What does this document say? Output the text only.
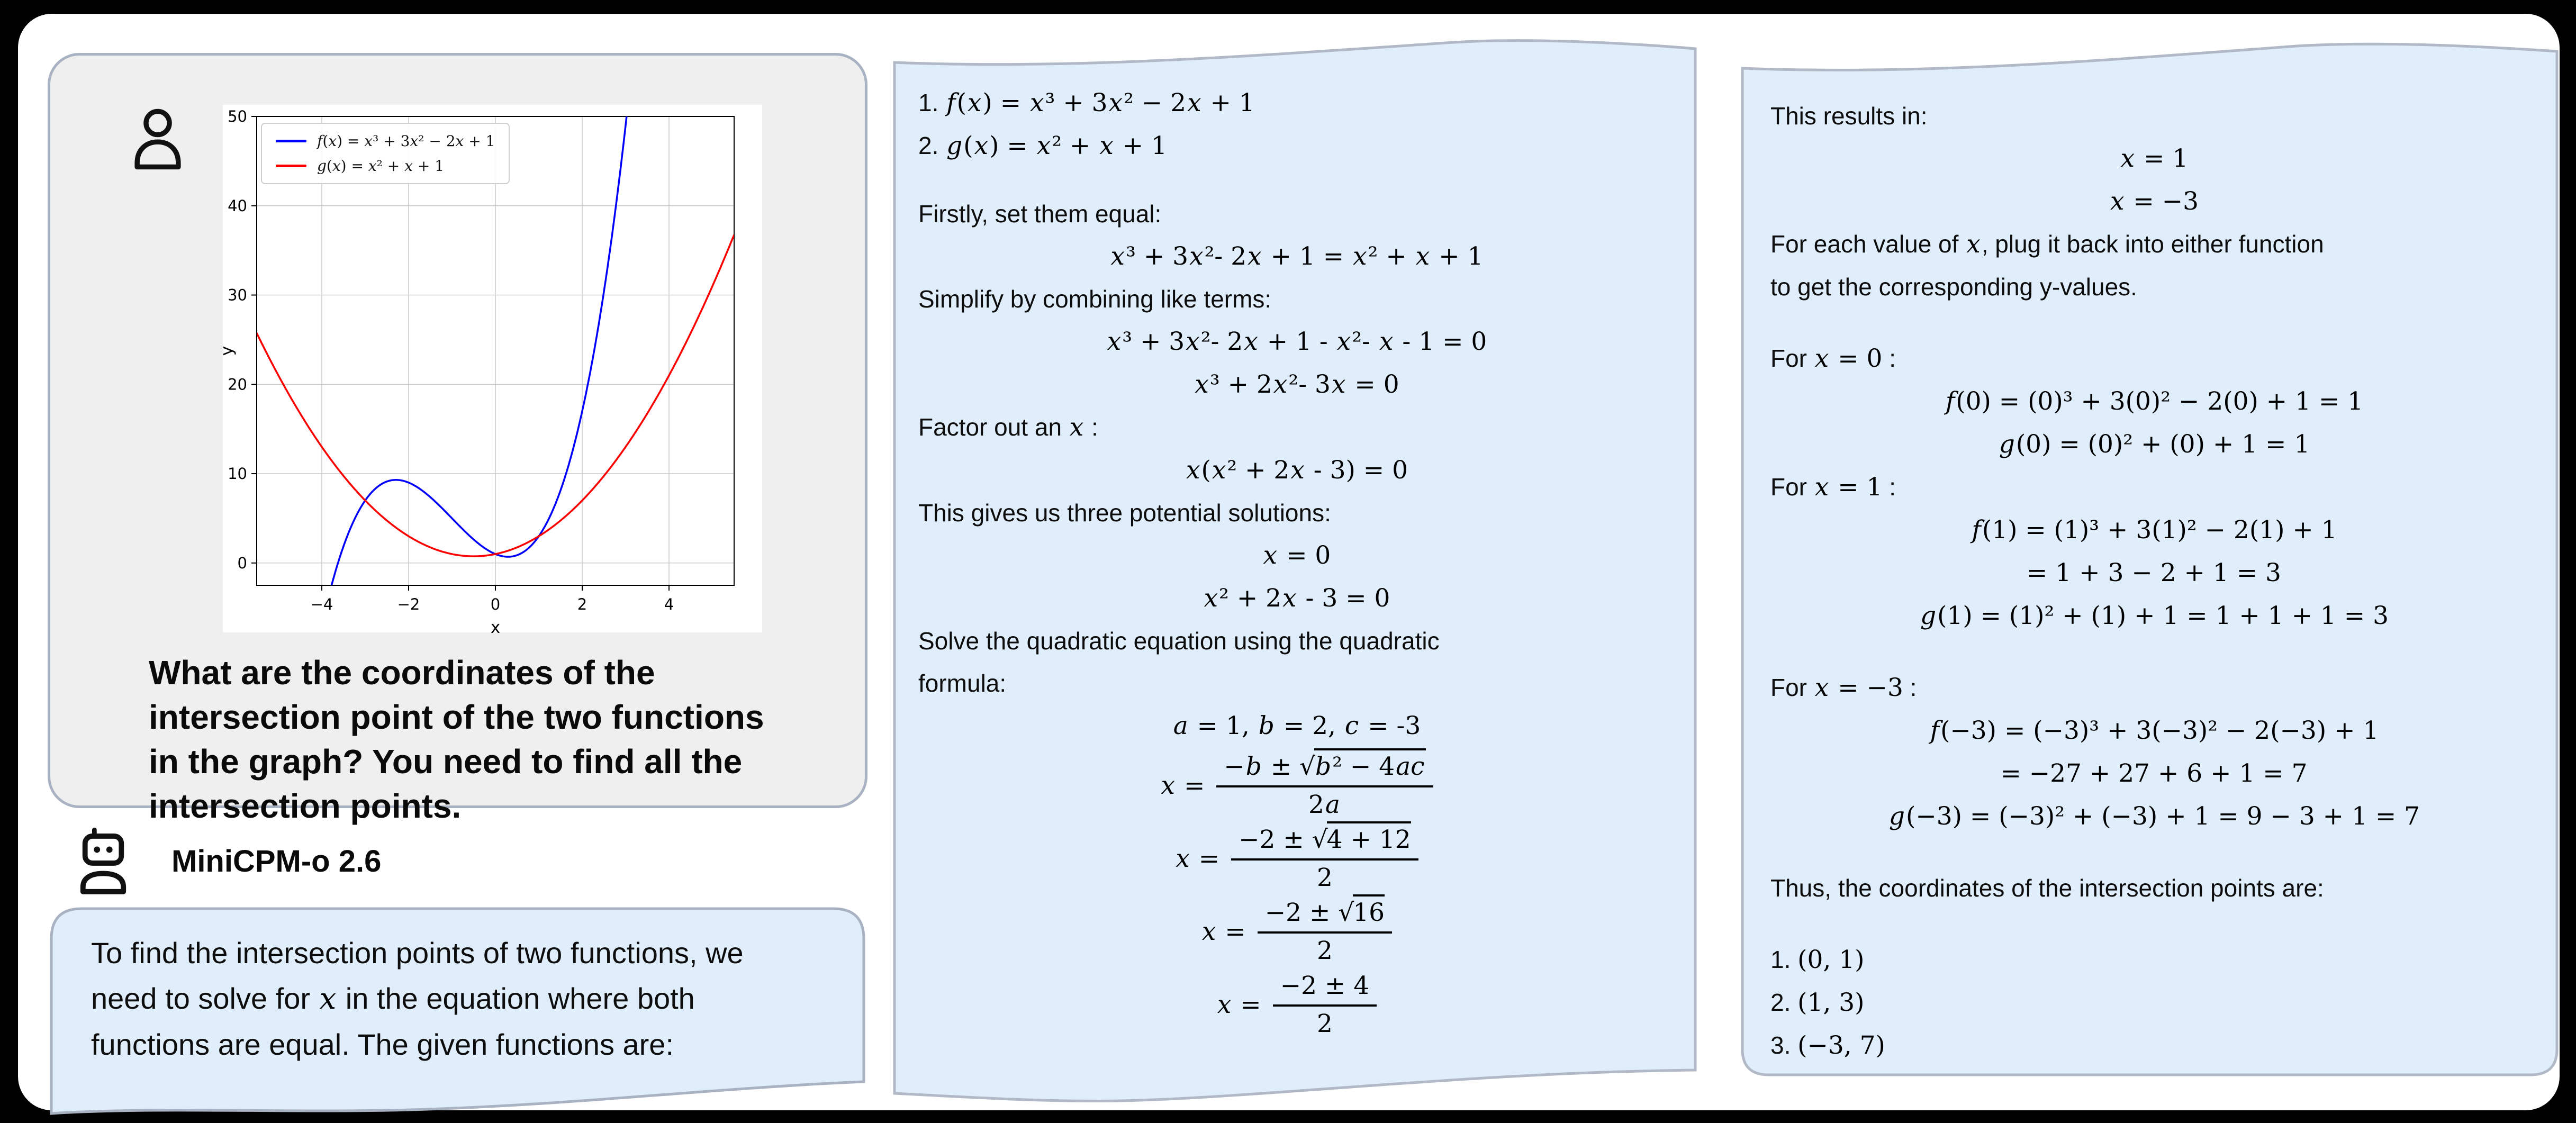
−4	−2	0	2	4
0
10
20
30
40
50
x
y
f(x) = x³ + 3x² − 2x + 1
g(x) = x² + x + 1
What are the coordinates of the
intersection point of the two functions
in the graph? You need to find all the
intersection points.
MiniCPM-o 2.6
To find the intersection points of two functions, we
need to solve for x in the equation where both
functions are equal. The given functions are:
1. f(x) = x³ + 3x² − 2x + 1
2. g(x) = x² + x + 1
Firstly, set them equal:
x³ + 3x²- 2x + 1 = x² + x + 1
Simplify by combining like terms:
x³ + 3x²- 2x + 1 - x²- x - 1 = 0
x³ + 2x²- 3x = 0
Factor out an x :
x(x² + 2x - 3) = 0
This gives us three potential solutions:
x = 0
x² + 2x - 3 = 0
Solve the quadratic equation using the quadratic
formula:
a = 1, b = 2, c = -3
$x = \frac{\text{−b ± √b² − 4ac}}{2a}$
$x = \frac{-2 \pm √4 + 12}{2}$
$x = \frac{-2 \pm √16}{2}$
$x = \frac{-2 \pm 4}{2}$
This results in:
x = 1
x = −3
For each value of x, plug it back into either function
to get the corresponding y-values.
For x = 0 :
f(0) = (0)³ + 3(0)² − 2(0) + 1 = 1
g(0) = (0)² + (0) + 1 = 1
For x = 1 :
f(1) = (1)³ + 3(1)² − 2(1) + 1
= 1 + 3 − 2 + 1 = 3
g(1) = (1)² + (1) + 1 = 1 + 1 + 1 = 3
For x = −3 :
f(−3) = (−3)³ + 3(−3)² − 2(−3) + 1
= −27 + 27 + 6 + 1 = 7
g(−3) = (−3)² + (−3) + 1 = 9 − 3 + 1 = 7
Thus, the coordinates of the intersection points are:
1. (0, 1)
2. (1, 3)
3. (−3, 7)
